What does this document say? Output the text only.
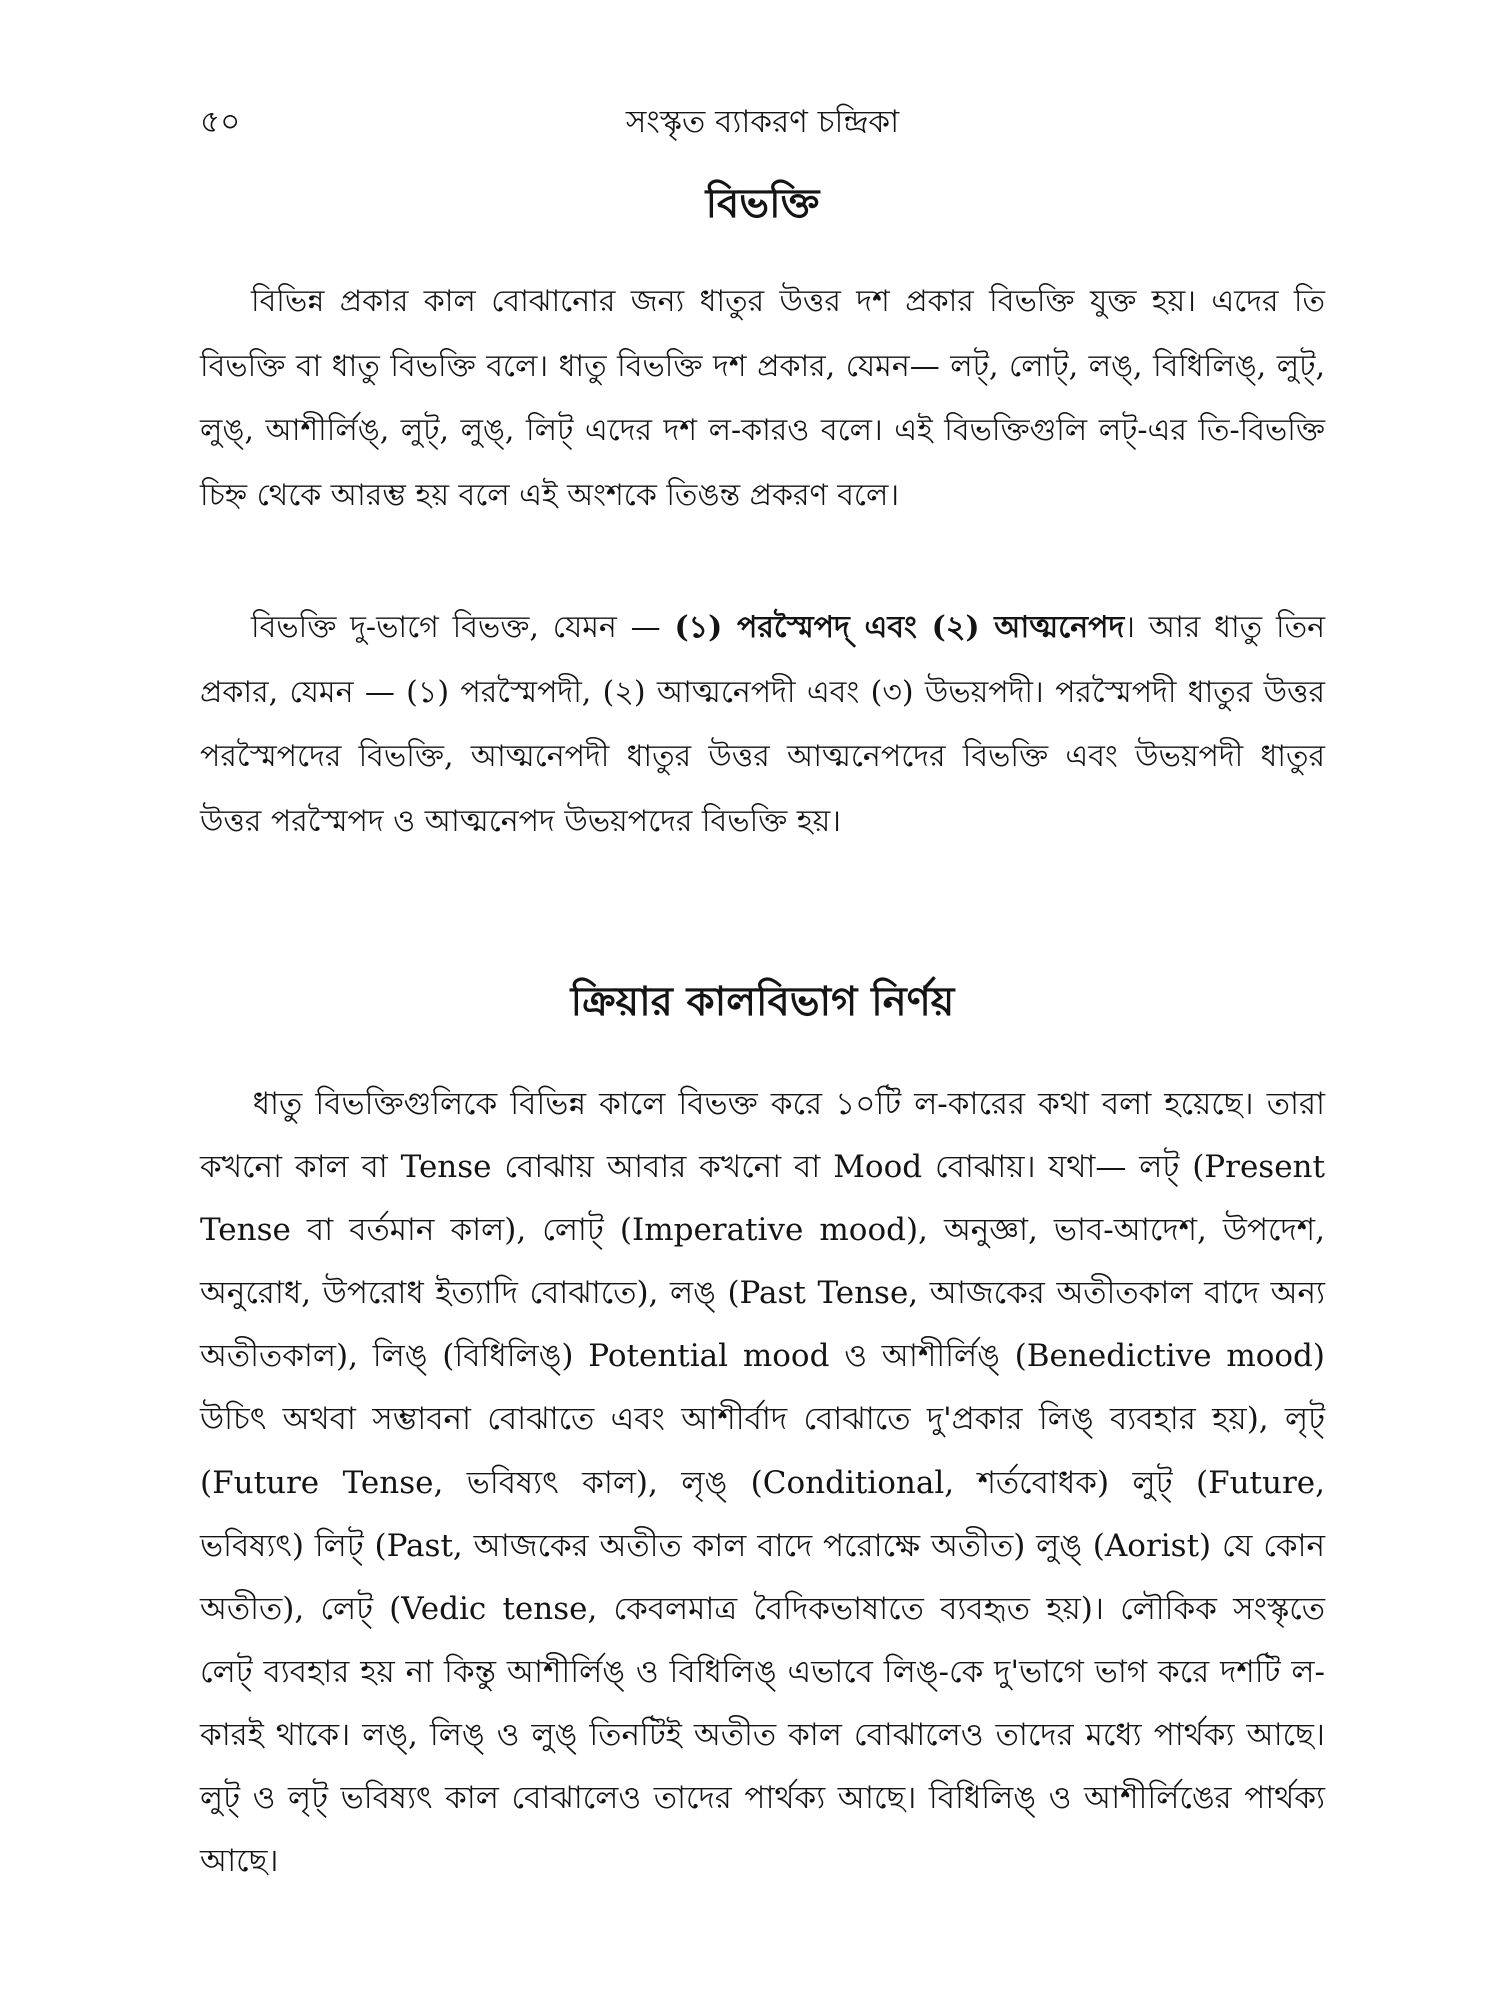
৫০	সংস্কৃত ব্যাকরণ চন্দ্রিকা
বিভক্তি

বিভিন্ন প্রকার কাল বোঝানোর জন্য ধাতুর উত্তর দশ প্রকার বিভক্তি যুক্ত হয়। এদের তি বিভক্তি বা ধাতু বিভক্তি বলে। ধাতু বিভক্তি দশ প্রকার, যেমন— লট্, লোট্, লঙ্, বিধিলিঙ্, লুট্, লুঙ্, আশীর্লিঙ্, লুট্, লুঙ্, লিট্ এদের দশ ল-কারও বলে। এই বিভক্তিগুলি লট্-এর তি-বিভক্তি চিহ্ন থেকে আরম্ভ হয় বলে এই অংশকে তিঙন্ত প্রকরণ বলে।

বিভক্তি দু-ভাগে বিভক্ত, যেমন — (১) পরস্মৈপদ্ এবং (২) আত্মনেপদ। আর ধাতু তিন প্রকার, যেমন — (১) পরস্মৈপদী, (২) আত্মনেপদী এবং (৩) উভয়পদী। পরস্মৈপদী ধাতুর উত্তর পরস্মৈপদের বিভক্তি, আত্মনেপদী ধাতুর উত্তর আত্মনেপদের বিভক্তি এবং উভয়পদী ধাতুর উত্তর পরস্মৈপদ ও আত্মনেপদ উভয়পদের বিভক্তি হয়।

ক্রিয়ার কালবিভাগ নির্ণয়

ধাতু বিভক্তিগুলিকে বিভিন্ন কালে বিভক্ত করে ১০টি ল-কারের কথা বলা হয়েছে। তারা কখনো কাল বা Tense বোঝায় আবার কখনো বা Mood বোঝায়। যথা— লট্ (Present Tense বা বর্তমান কাল), লোট্ (Imperative mood), অনুজ্ঞা, ভাব-আদেশ, উপদেশ, অনুরোধ, উপরোধ ইত্যাদি বোঝাতে), লঙ্ (Past Tense, আজকের অতীতকাল বাদে অন্য অতীতকাল), লিঙ্ (বিধিলিঙ্) Potential mood ও আশীর্লিঙ্ (Benedictive mood) উচিৎ অথবা সম্ভাবনা বোঝাতে এবং আশীর্বাদ বোঝাতে দু'প্রকার লিঙ্ ব্যবহার হয়), লৃট্ (Future Tense, ভবিষ্যৎ কাল), লৃঙ্ (Conditional, শর্তবোধক) লুট্ (Future, ভবিষ্যৎ) লিট্ (Past, আজকের অতীত কাল বাদে পরোক্ষে অতীত) লুঙ্ (Aorist) যে কোন অতীত), লেট্ (Vedic tense, কেবলমাত্র বৈদিকভাষাতে ব্যবহৃত হয়)। লৌকিক সংস্কৃতে লেট্ ব্যবহার হয় না কিন্তু আশীর্লিঙ্ ও বিধিলিঙ্ এভাবে লিঙ্-কে দু'ভাগে ভাগ করে দশটি ল-কারই থাকে। লঙ্, লিঙ্ ও লুঙ্ তিনটিই অতীত কাল বোঝালেও তাদের মধ্যে পার্থক্য আছে। লুট্ ও লৃট্ ভবিষ্যৎ কাল বোঝালেও তাদের পার্থক্য আছে। বিধিলিঙ্ ও আশীর্লিঙের পার্থক্য আছে।
